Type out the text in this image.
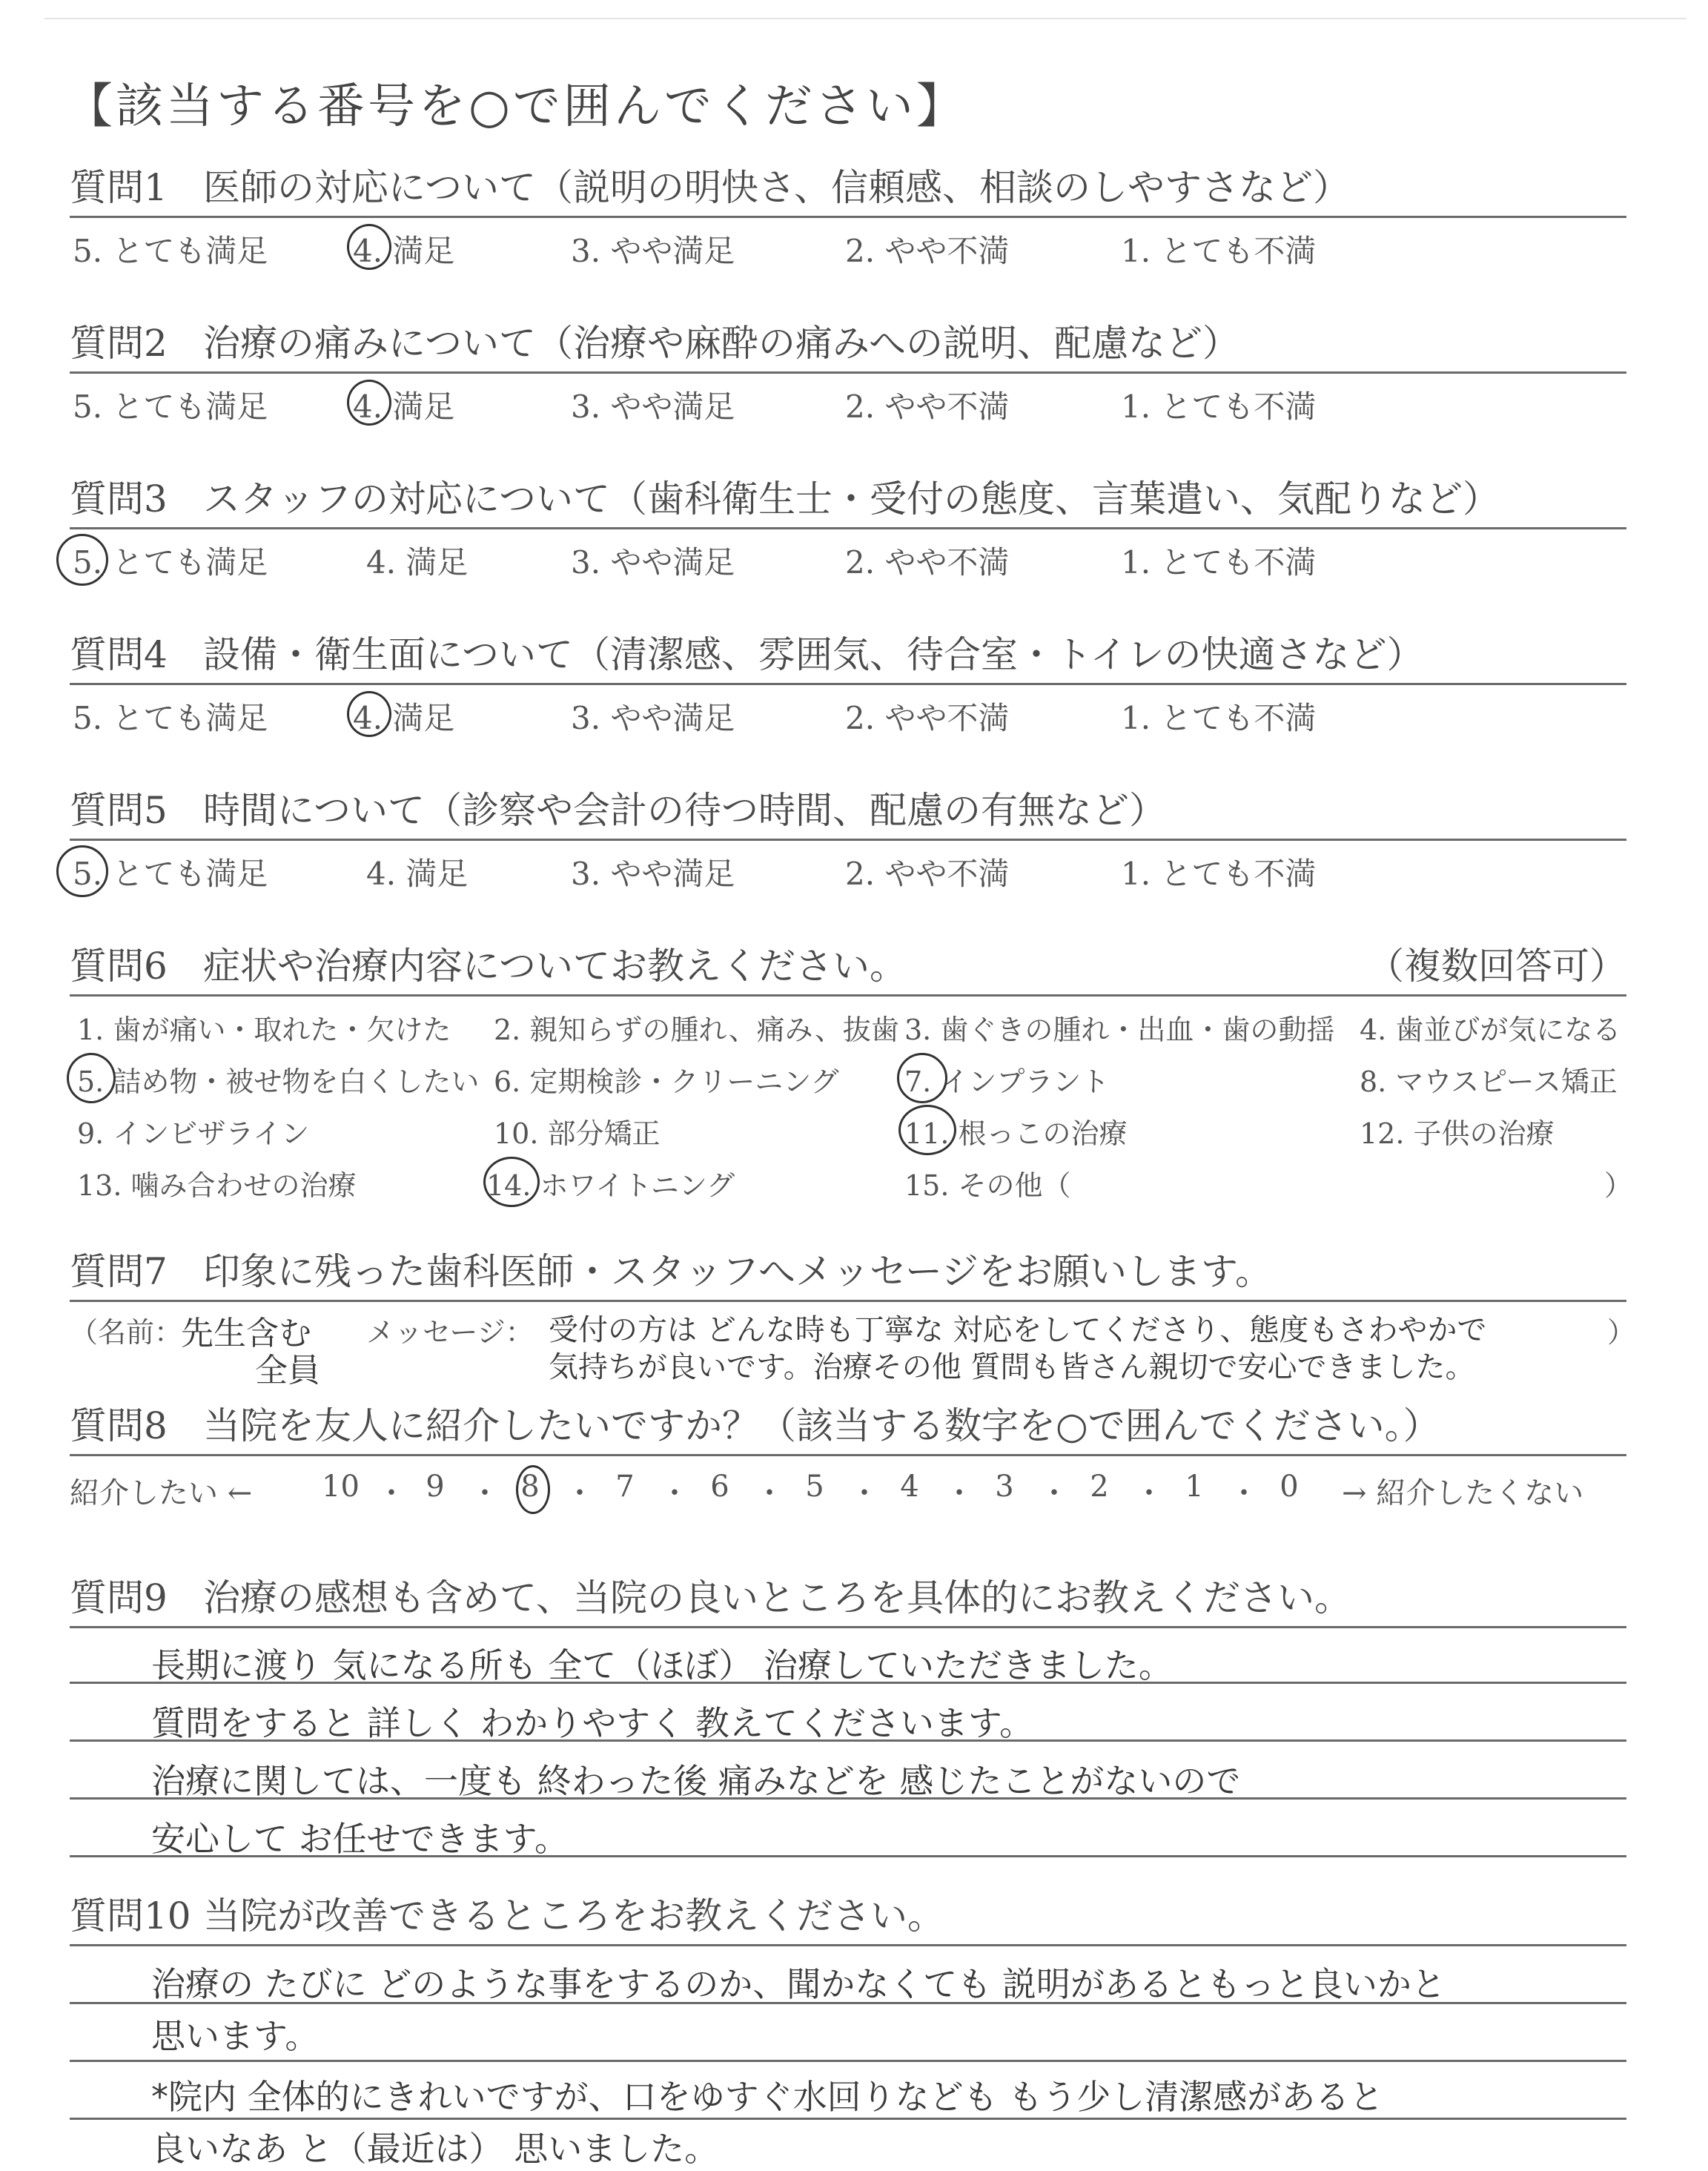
【該当する番号を○で囲んでください】
質問1 医師の対応について（説明の明快さ、信頼感、相談のしやすさなど）
5. とても満足	4. 満足	3. やや満足	2. やや不満	1. とても不満
質問2 治療の痛みについて（治療や麻酔の痛みへの説明、配慮など）
5. とても満足	4. 満足	3. やや満足	2. やや不満	1. とても不満
質問3 スタッフの対応について（歯科衛生士・受付の態度、言葉遣い、気配りなど）
5. とても満足	4. 満足	3. やや満足	2. やや不満	1. とても不満
質問4 設備・衛生面について（清潔感、雰囲気、待合室・トイレの快適さなど）
5. とても満足	4. 満足	3. やや満足	2. やや不満	1. とても不満
質問5 時間について（診察や会計の待つ時間、配慮の有無など）
5. とても満足	4. 満足	3. やや満足	2. やや不満	1. とても不満
質問6 症状や治療内容についてお教えください。	（複数回答可）
1. 歯が痛い・取れた・欠けた 2. 親知らずの腫れ、痛み、抜歯 3. 歯ぐきの腫れ・出血・歯の動揺 4. 歯並びが気になる
5. 詰め物・被せ物を白くしたい 6. 定期検診・クリーニング 7. インプラント	8. マウスピース矯正
9. インビザライン	10. 部分矯正	11. 根っこの治療	12. 子供の治療
13. 噛み合わせの治療	14. ホワイトニング	15. その他（	）
質問7 印象に残った歯科医師・スタッフへメッセージをお願いします。
（名前：
先生含む
全員
メッセージ： 受付の方は どんな時も丁寧な 対応をしてくださり、態度もさわやかで
気持ちが良いです。治療その他 質問も皆さん親切で安心できました。
）
質問8 当院を友人に紹介したいですか？（該当する数字を○で囲んでください。）
紹介したい ← 10 ・ 9 ・ 8 ・ 7 ・ 6 ・ 5 ・ 4 ・ 3 ・ 2 ・ 1 ・ 0	→ 紹介したくない
質問9 治療の感想も含めて、当院の良いところを具体的にお教えください。
長期に渡り 気になる所も 全て（ほぼ） 治療していただきました。
質問をすると 詳しく わかりやすく 教えてくださいます。
治療に関しては、一度も 終わった後 痛みなどを 感じたことがないので
安心して お任せできます。
質問10 当院が改善できるところをお教えください。
治療の たびに どのような事をするのか、聞かなくても 説明があるともっと良いかと
思います。
*院内 全体的にきれいですが、口をゆすぐ水回りなども もう少し清潔感があると
良いなあ と（最近は） 思いました。
